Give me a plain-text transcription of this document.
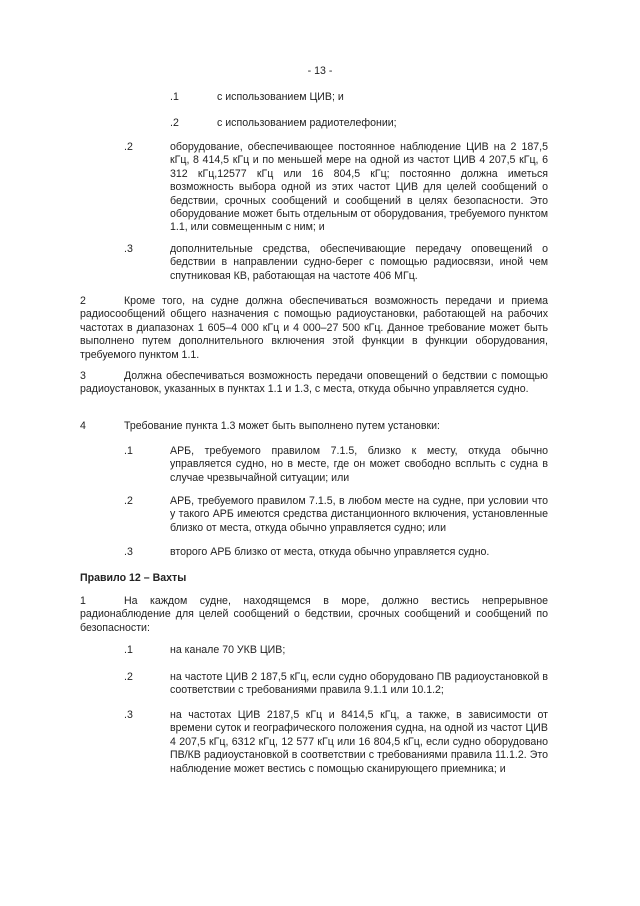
- 13 -
.1	с использованием ЦИВ; и
.2	с использованием радиотелефонии;
.2	оборудование, обеспечивающее постоянное наблюдение ЦИВ на 2 187,5 кГц, 8 414,5 кГц и по меньшей мере на одной из частот ЦИВ 4 207,5 кГц, 6 312 кГц,12577 кГц или 16 804,5 кГц; постоянно должна иметься возможность выбора одной из этих частот ЦИВ для целей сообщений о бедствии, срочных сообщений и сообщений в целях безопасности. Это оборудование может быть отдельным от оборудования, требуемого пунктом 1.1, или совмещенным с ним; и
.3	дополнительные средства, обеспечивающие передачу оповещений о бедствии в направлении судно-берег с помощью радиосвязи, иной чем спутниковая КВ, работающая на частоте 406 МГц.
2	Кроме того, на судне должна обеспечиваться возможность передачи и приема радиосообщений общего назначения с помощью радиоустановки, работающей на рабочих частотах в диапазонах 1 605–4 000 кГц и 4 000–27 500 кГц. Данное требование может быть выполнено путем дополнительного включения этой функции в функции оборудования, требуемого пунктом 1.1.
3	Должна обеспечиваться возможность передачи оповещений о бедствии с помощью радиоустановок, указанных в пунктах 1.1 и 1.3, с места, откуда обычно управляется судно.
4	Требование пункта 1.3 может быть выполнено путем установки:
.1	АРБ, требуемого правилом 7.1.5, близко к месту, откуда обычно управляется судно, но в месте, где он может свободно всплыть с судна в случае чрезвычайной ситуации; или
.2	АРБ, требуемого правилом 7.1.5, в любом месте на судне, при условии что у такого АРБ имеются средства дистанционного включения, установленные близко от места, откуда обычно управляется судно; или
.3	второго АРБ близко от места, откуда обычно управляется судно.
Правило 12 – Вахты
1	На каждом судне, находящемся в море, должно вестись непрерывное радионаблюдение для целей сообщений о бедствии, срочных сообщений и сообщений по безопасности:
.1	на канале 70 УКВ ЦИВ;
.2	на частоте ЦИВ 2 187,5 кГц, если судно оборудовано ПВ радиоустановкой в соответствии с требованиями правила 9.1.1 или 10.1.2;
.3	на частотах ЦИВ 2187,5 кГц и 8414,5 кГц, а также, в зависимости от времени суток и географического положения судна, на одной из частот ЦИВ 4 207,5 кГц, 6312 кГц, 12 577 кГц или 16 804,5 кГц, если судно оборудовано ПВ/КВ радиоустановкой в соответствии с требованиями правила 11.1.2. Это наблюдение может вестись с помощью сканирующего приемника; и
